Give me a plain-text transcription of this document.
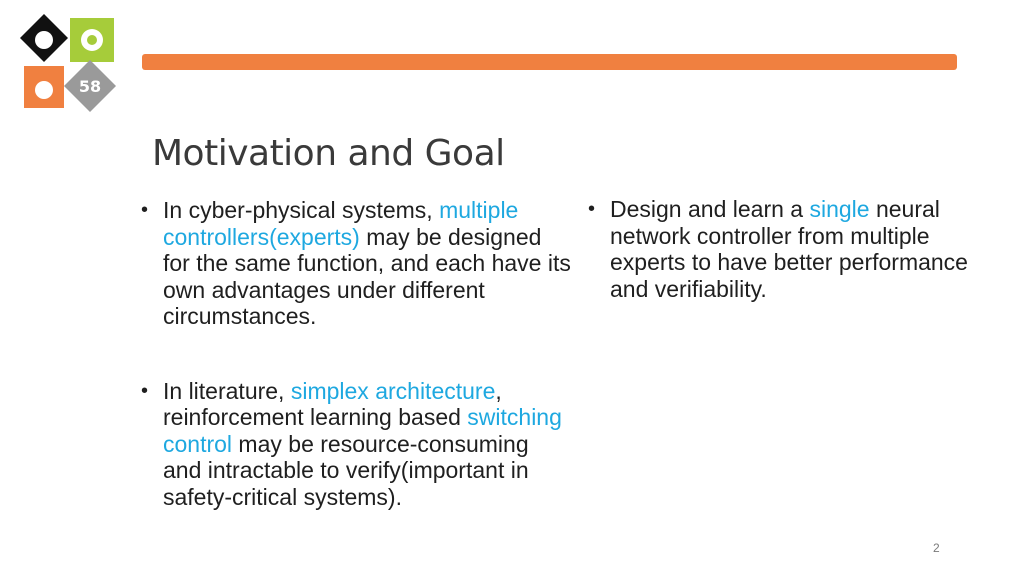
58
Motivation and Goal
• In cyber-physical systems, multiple controllers(experts) may be designed for the same function, and each have its own advantages under different circumstances.
• In literature, simplex architecture, reinforcement learning based switching control may be resource-consuming and intractable to verify(important in safety-critical systems).
• Design and learn a single neural network controller from multiple experts to have better performance and verifiability.
2
